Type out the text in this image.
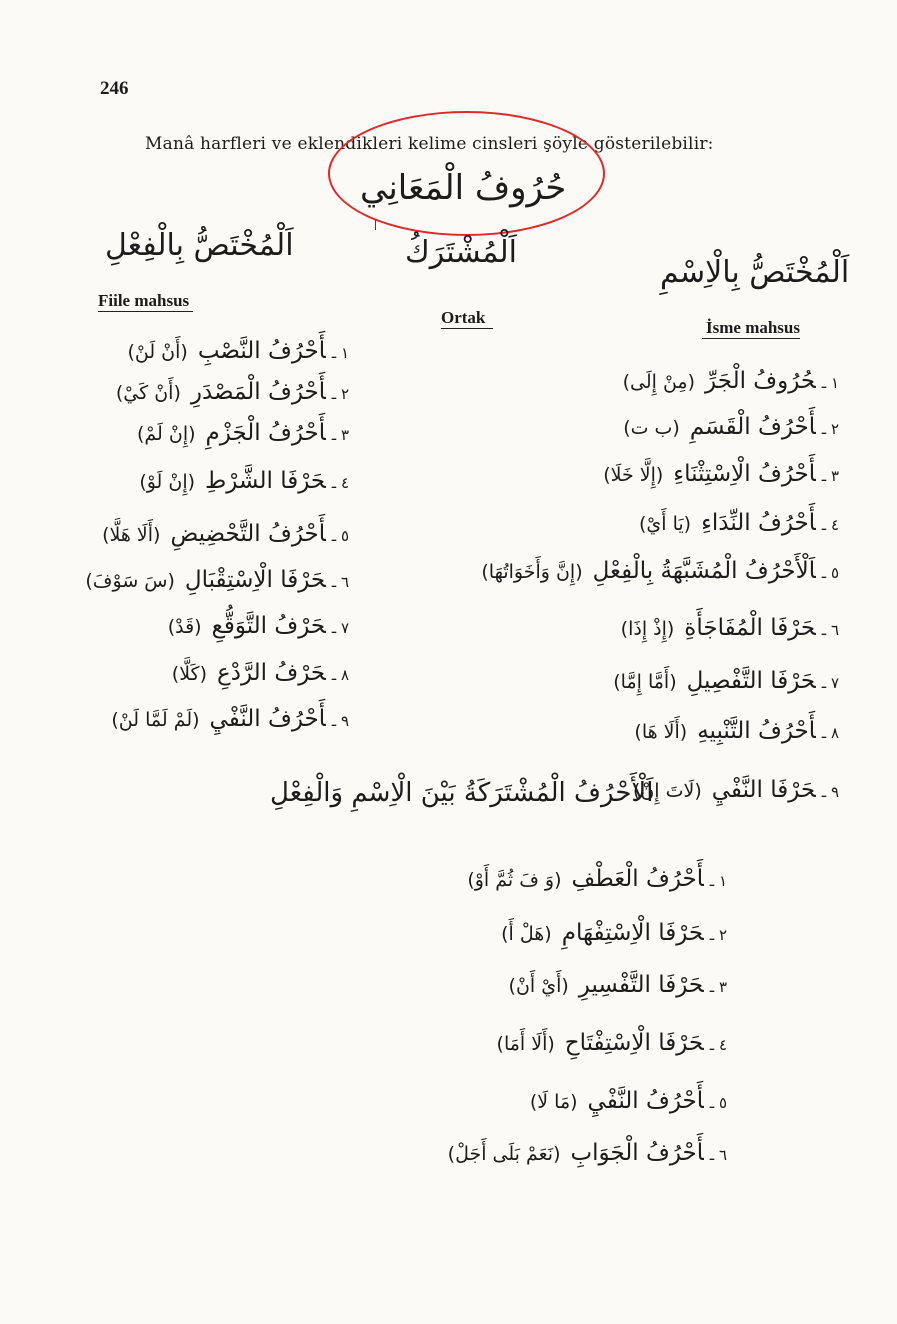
246
Manâ harfleri ve eklendikleri kelime cinsleri şöyle gösterilebilir:
حُرُوفُ الْمَعَانِي
اَلْمُخْتَصُّ بِالْفِعْلِ	اَلْمُشْتَرَكُ
اَلْمُخْتَصُّ بِالْاِسْمِ
Fiile mahsus
Ortak
İsme mahsus
١ ـأَحْرُفُ النَّصْبِ(أَنْ لَنْ)
٢ ـأَحْرُفُ الْمَصْدَرِ(أَنْ كَيْ)
٣ ـأَحْرُفُ الْجَزْمِ(إِنْ لَمْ)
٤ ـحَرْفَا الشَّرْطِ(إِنْ لَوْ)
٥ ـأَحْرُفُ التَّحْضِيضِ(أَلَا هَلَّا)
٦ ـحَرْفَا الْاِسْتِقْبَالِ(سَ سَوْفَ)
٧ ـحَرْفُ التَّوَقُّعِ(قَدْ)
٨ ـحَرْفُ الرَّدْعِ(كَلَّا)
٩ ـأَحْرُفُ النَّفْيِ(لَمْ لَمَّا لَنْ)
١ ـحُرُوفُ الْجَرِّ(مِنْ إِلَى)
٢ ـأَحْرُفُ الْقَسَمِ(ب ت)
٣ ـأَحْرُفُ الْاِسْتِثْنَاءِ(إِلَّا خَلَا)
٤ ـأَحْرُفُ النِّدَاءِ(يَا أَيْ)
٥ ـاَلْأَحْرُفُ الْمُشَبَّهَةُ بِالْفِعْلِ(إِنَّ وَأَخَوَاتُهَا)
٦ ـحَرْفَا الْمُفَاجَأَةِ(إِذْ إِذَا)
٧ ـحَرْفَا التَّفْصِيلِ(أَمَّا إِمَّا)
٨ ـأَحْرُفُ التَّنْبِيهِ(أَلَا هَا)
٩ ـحَرْفَا النَّفْيِ(لَاتَ إِنْ)
اَلْأَحْرُفُ الْمُشْتَرَكَةُ بَيْنَ الْاِسْمِ وَالْفِعْلِ
١ ـأَحْرُفُ الْعَطْفِ(وَ فَ ثُمَّ أَوْ)
٢ ـحَرْفَا الْاِسْتِفْهَامِ(هَلْ أَ)
٣ ـحَرْفَا التَّفْسِيرِ(أَيْ أَنْ)
٤ ـحَرْفَا الْاِسْتِفْتَاحِ(أَلَا أَمَا)
٥ ـأَحْرُفُ النَّفْيِ(مَا لَا)
٦ ـأَحْرُفُ الْجَوَابِ(نَعَمْ بَلَى أَجَلْ)
